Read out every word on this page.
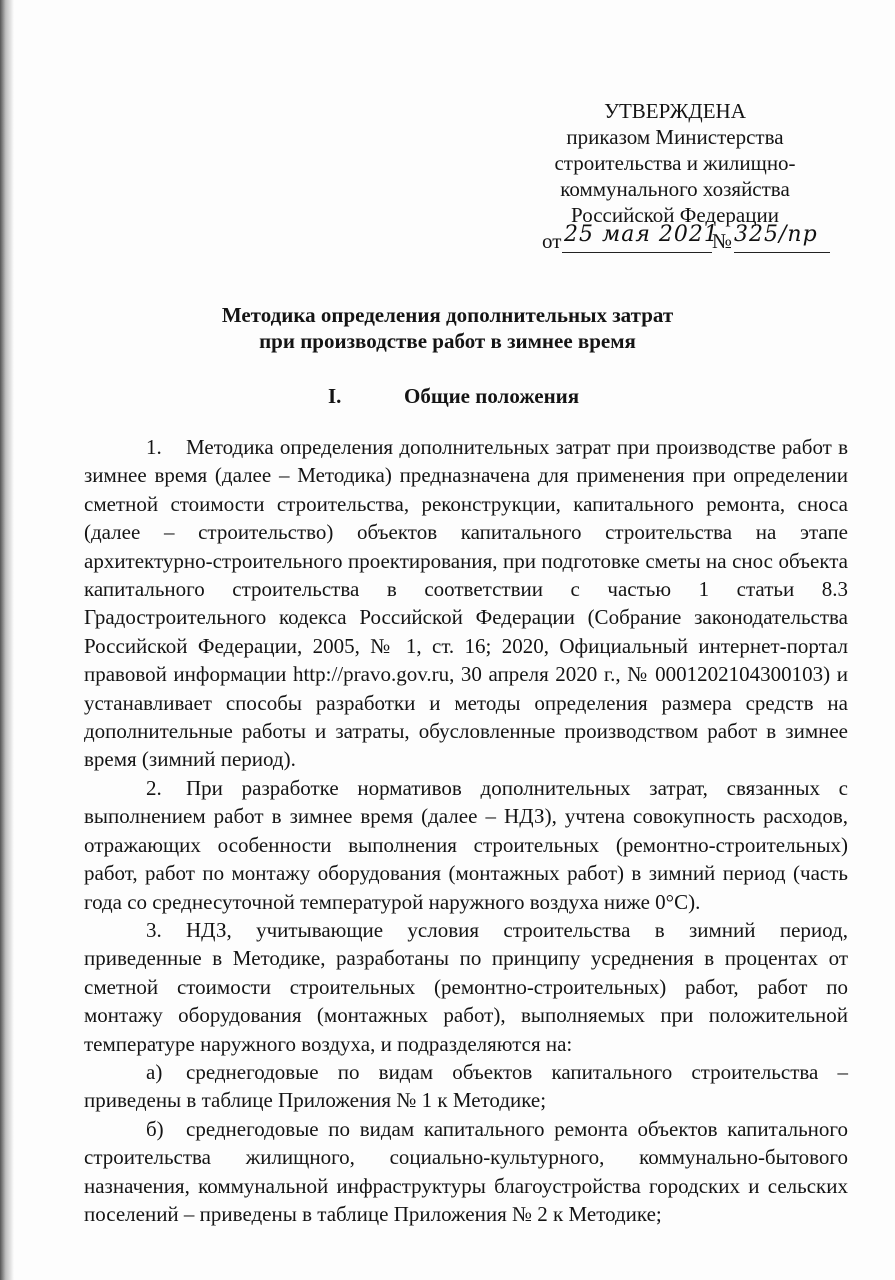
УТВЕРЖДЕНА
приказом Министерства
строительства и жилищно-
коммунального хозяйства
Российской Федерации
от 25 мая 2021
№ 325/пр
Методика определения дополнительных затрат
при производстве работ в зимнее время
I.	Общие положения

1. Методика определения дополнительных затрат при производстве работ в зимнее время (далее – Методика) предназначена для применения при определении сметной стоимости строительства, реконструкции, капитального ремонта, сноса (далее – строительство) объектов капитального строительства на этапе архитектурно-строительного проектирования, при подготовке сметы на снос объекта капитального строительства в соответствии с частью 1 статьи 8.3 Градостроительного кодекса Российской Федерации (Собрание законодательства Российской Федерации, 2005, № 1, ст. 16; 2020, Официальный интернет-портал правовой информации http://pravo.gov.ru, 30 апреля 2020 г., № 0001202104300103) и устанавливает способы разработки и методы определения размера средств на дополнительные работы и затраты, обусловленные производством работ в зимнее время (зимний период).

2. При разработке нормативов дополнительных затрат, связанных с выполнением работ в зимнее время (далее – НДЗ), учтена совокупность расходов, отражающих особенности выполнения строительных (ремонтно-строительных) работ, работ по монтажу оборудования (монтажных работ) в зимний период (часть года со среднесуточной температурой наружного воздуха ниже 0°С).

3. НДЗ, учитывающие условия строительства в зимний период, приведенные в Методике, разработаны по принципу усреднения в процентах от сметной стоимости строительных (ремонтно-строительных) работ, работ по монтажу оборудования (монтажных работ), выполняемых при положительной температуре наружного воздуха, и подразделяются на:

а) среднегодовые по видам объектов капитального строительства – приведены в таблице Приложения № 1 к Методике;

б) среднегодовые по видам капитального ремонта объектов капитального строительства жилищного, социально-культурного, коммунально-бытового назначения, коммунальной инфраструктуры благоустройства городских и сельских поселений – приведены в таблице Приложения № 2 к Методике;
